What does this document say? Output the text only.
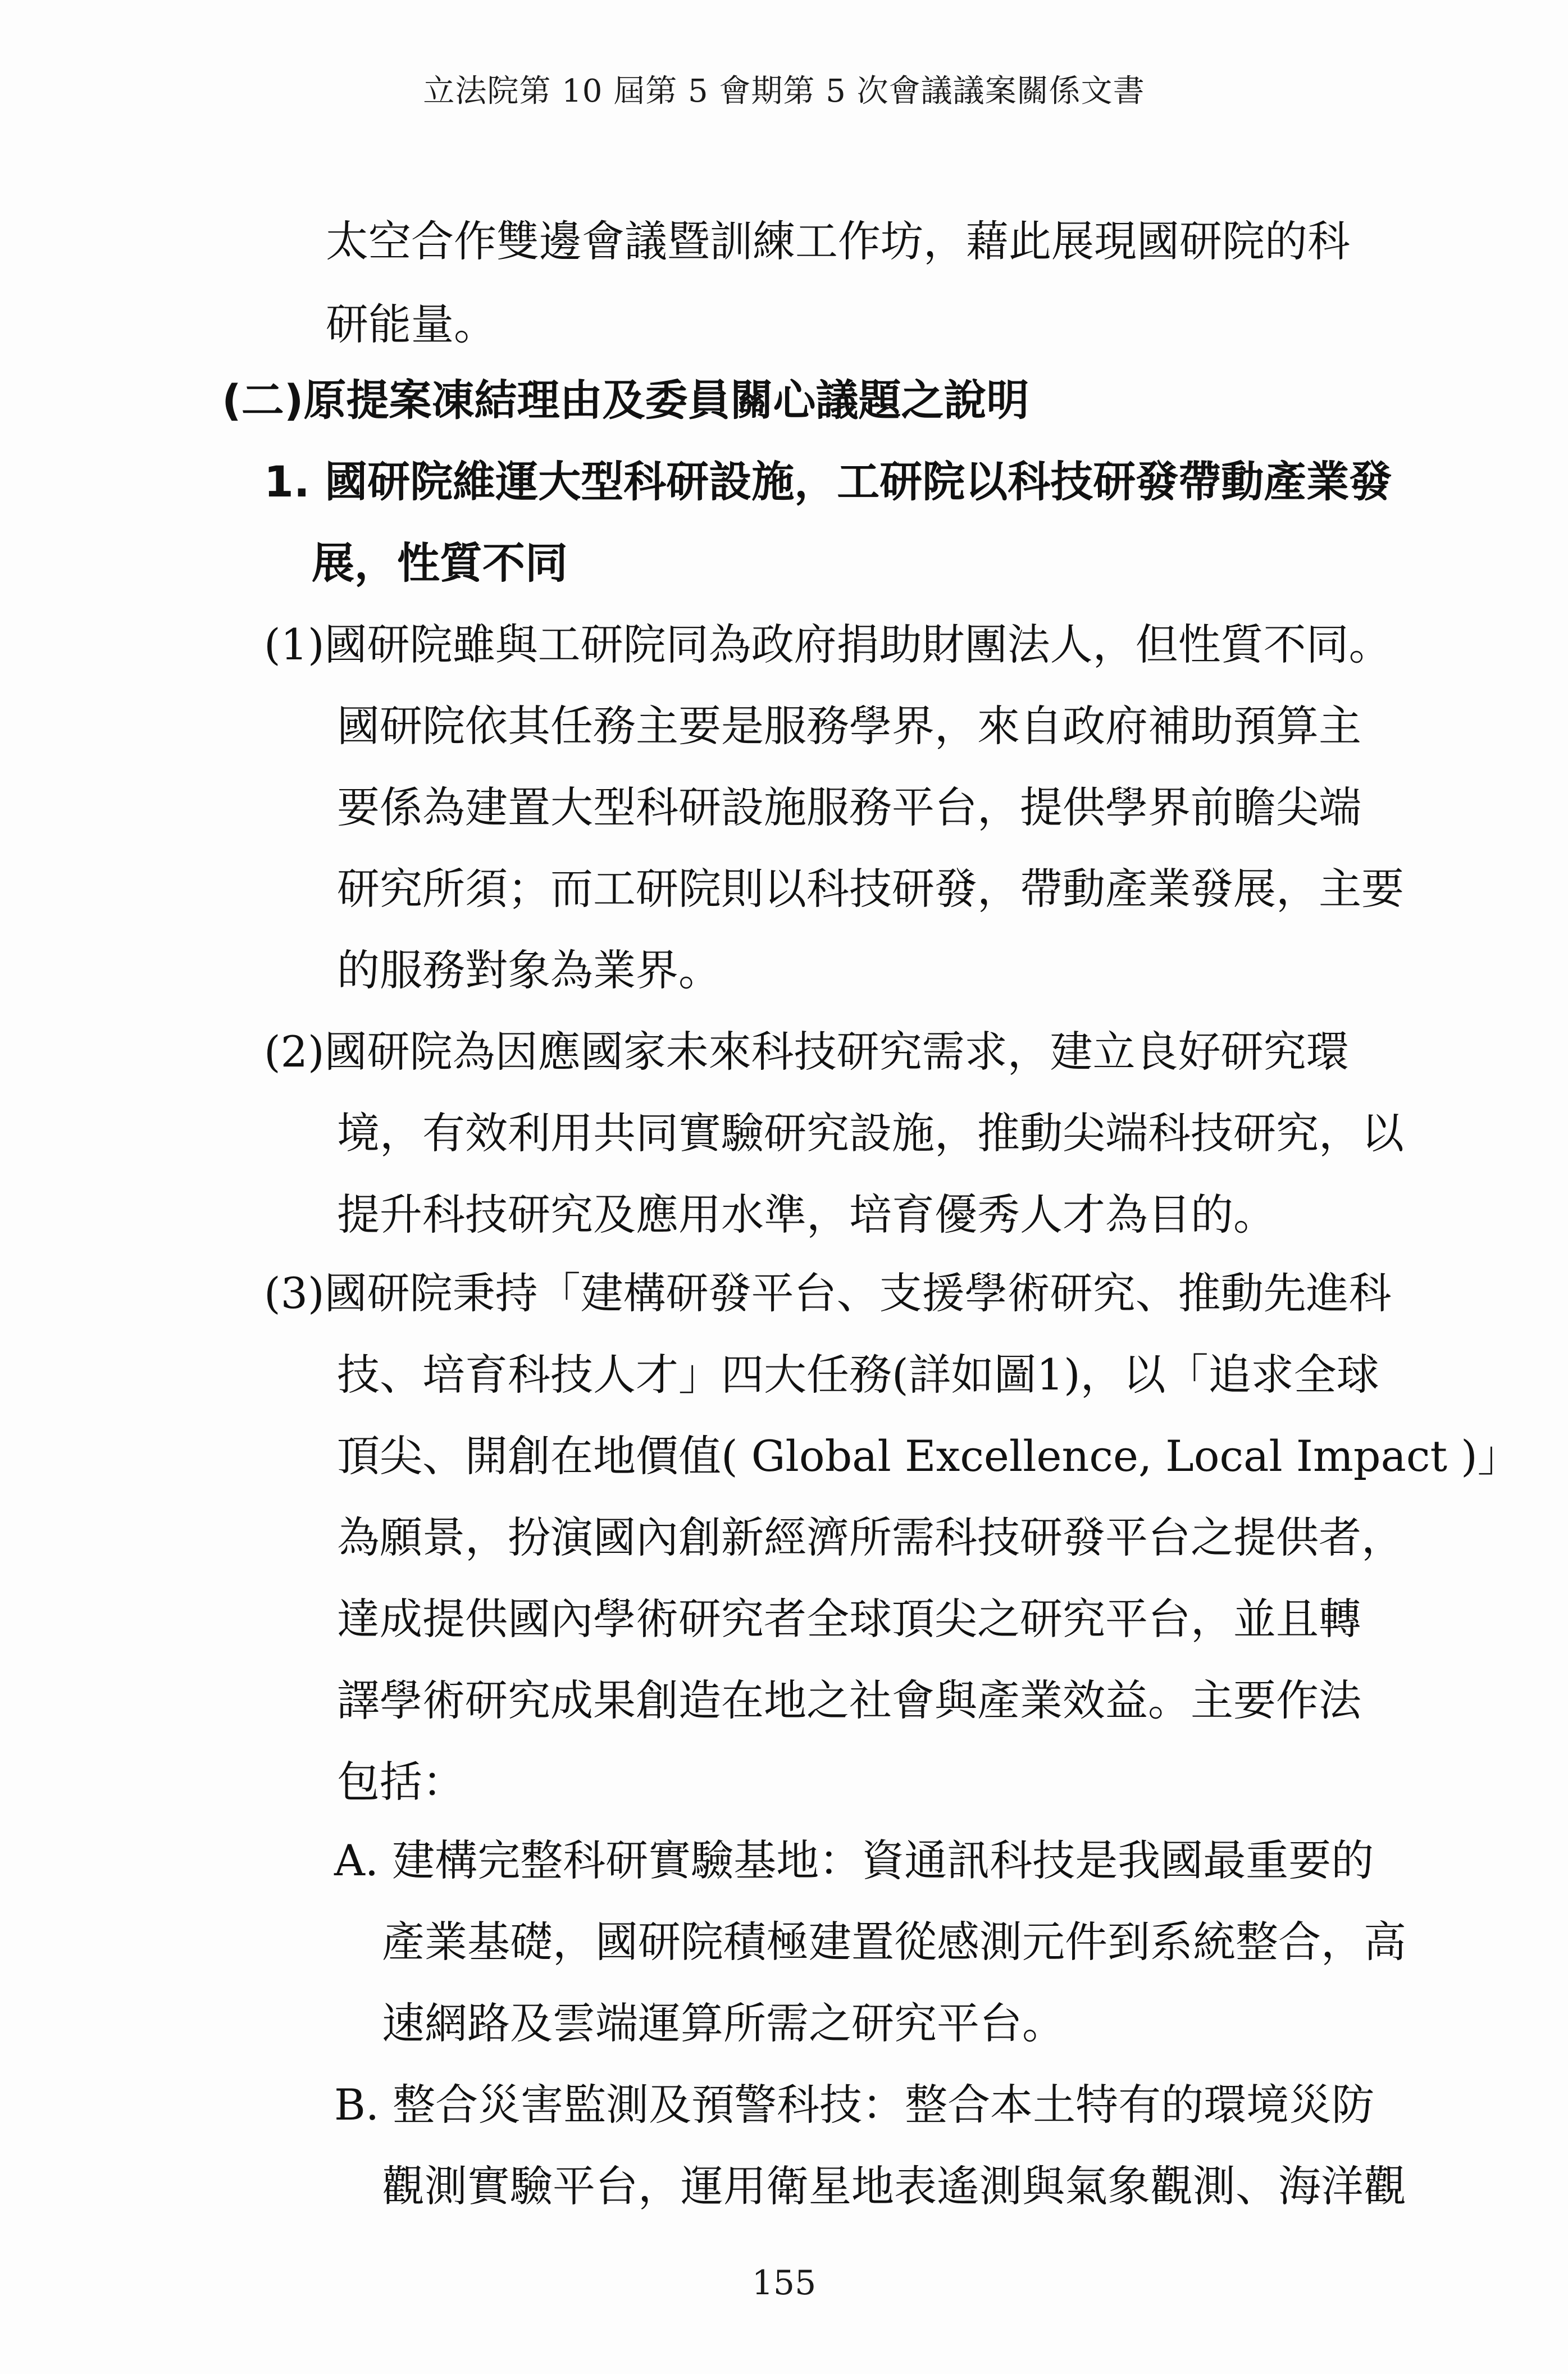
立法院第 10 屆第 5 會期第 5 次會議議案關係文書
太空合作雙邊會議暨訓練工作坊，藉此展現國研院的科
研能量。
(二)原提案凍結理由及委員關心議題之說明
1. 國研院維運大型科研設施，工研院以科技研發帶動產業發
展，性質不同
(1)國研院雖與工研院同為政府捐助財團法人，但性質不同。
國研院依其任務主要是服務學界，來自政府補助預算主
要係為建置大型科研設施服務平台，提供學界前瞻尖端
研究所須；而工研院則以科技研發，帶動產業發展，主要
的服務對象為業界。
(2)國研院為因應國家未來科技研究需求，建立良好研究環
境，有效利用共同實驗研究設施，推動尖端科技研究，以
提升科技研究及應用水準，培育優秀人才為目的。
(3)國研院秉持「建構研發平台、支援學術研究、推動先進科
技、培育科技人才」四大任務(詳如圖1)，以「追求全球
頂尖、開創在地價值( Global Excellence, Local Impact )」
為願景，扮演國內創新經濟所需科技研發平台之提供者，
達成提供國內學術研究者全球頂尖之研究平台，並且轉
譯學術研究成果創造在地之社會與產業效益。主要作法
包括：
A. 建構完整科研實驗基地：資通訊科技是我國最重要的
產業基礎，國研院積極建置從感測元件到系統整合，高
速網路及雲端運算所需之研究平台。
B. 整合災害監測及預警科技：整合本土特有的環境災防
觀測實驗平台，運用衛星地表遙測與氣象觀測、海洋觀
155
